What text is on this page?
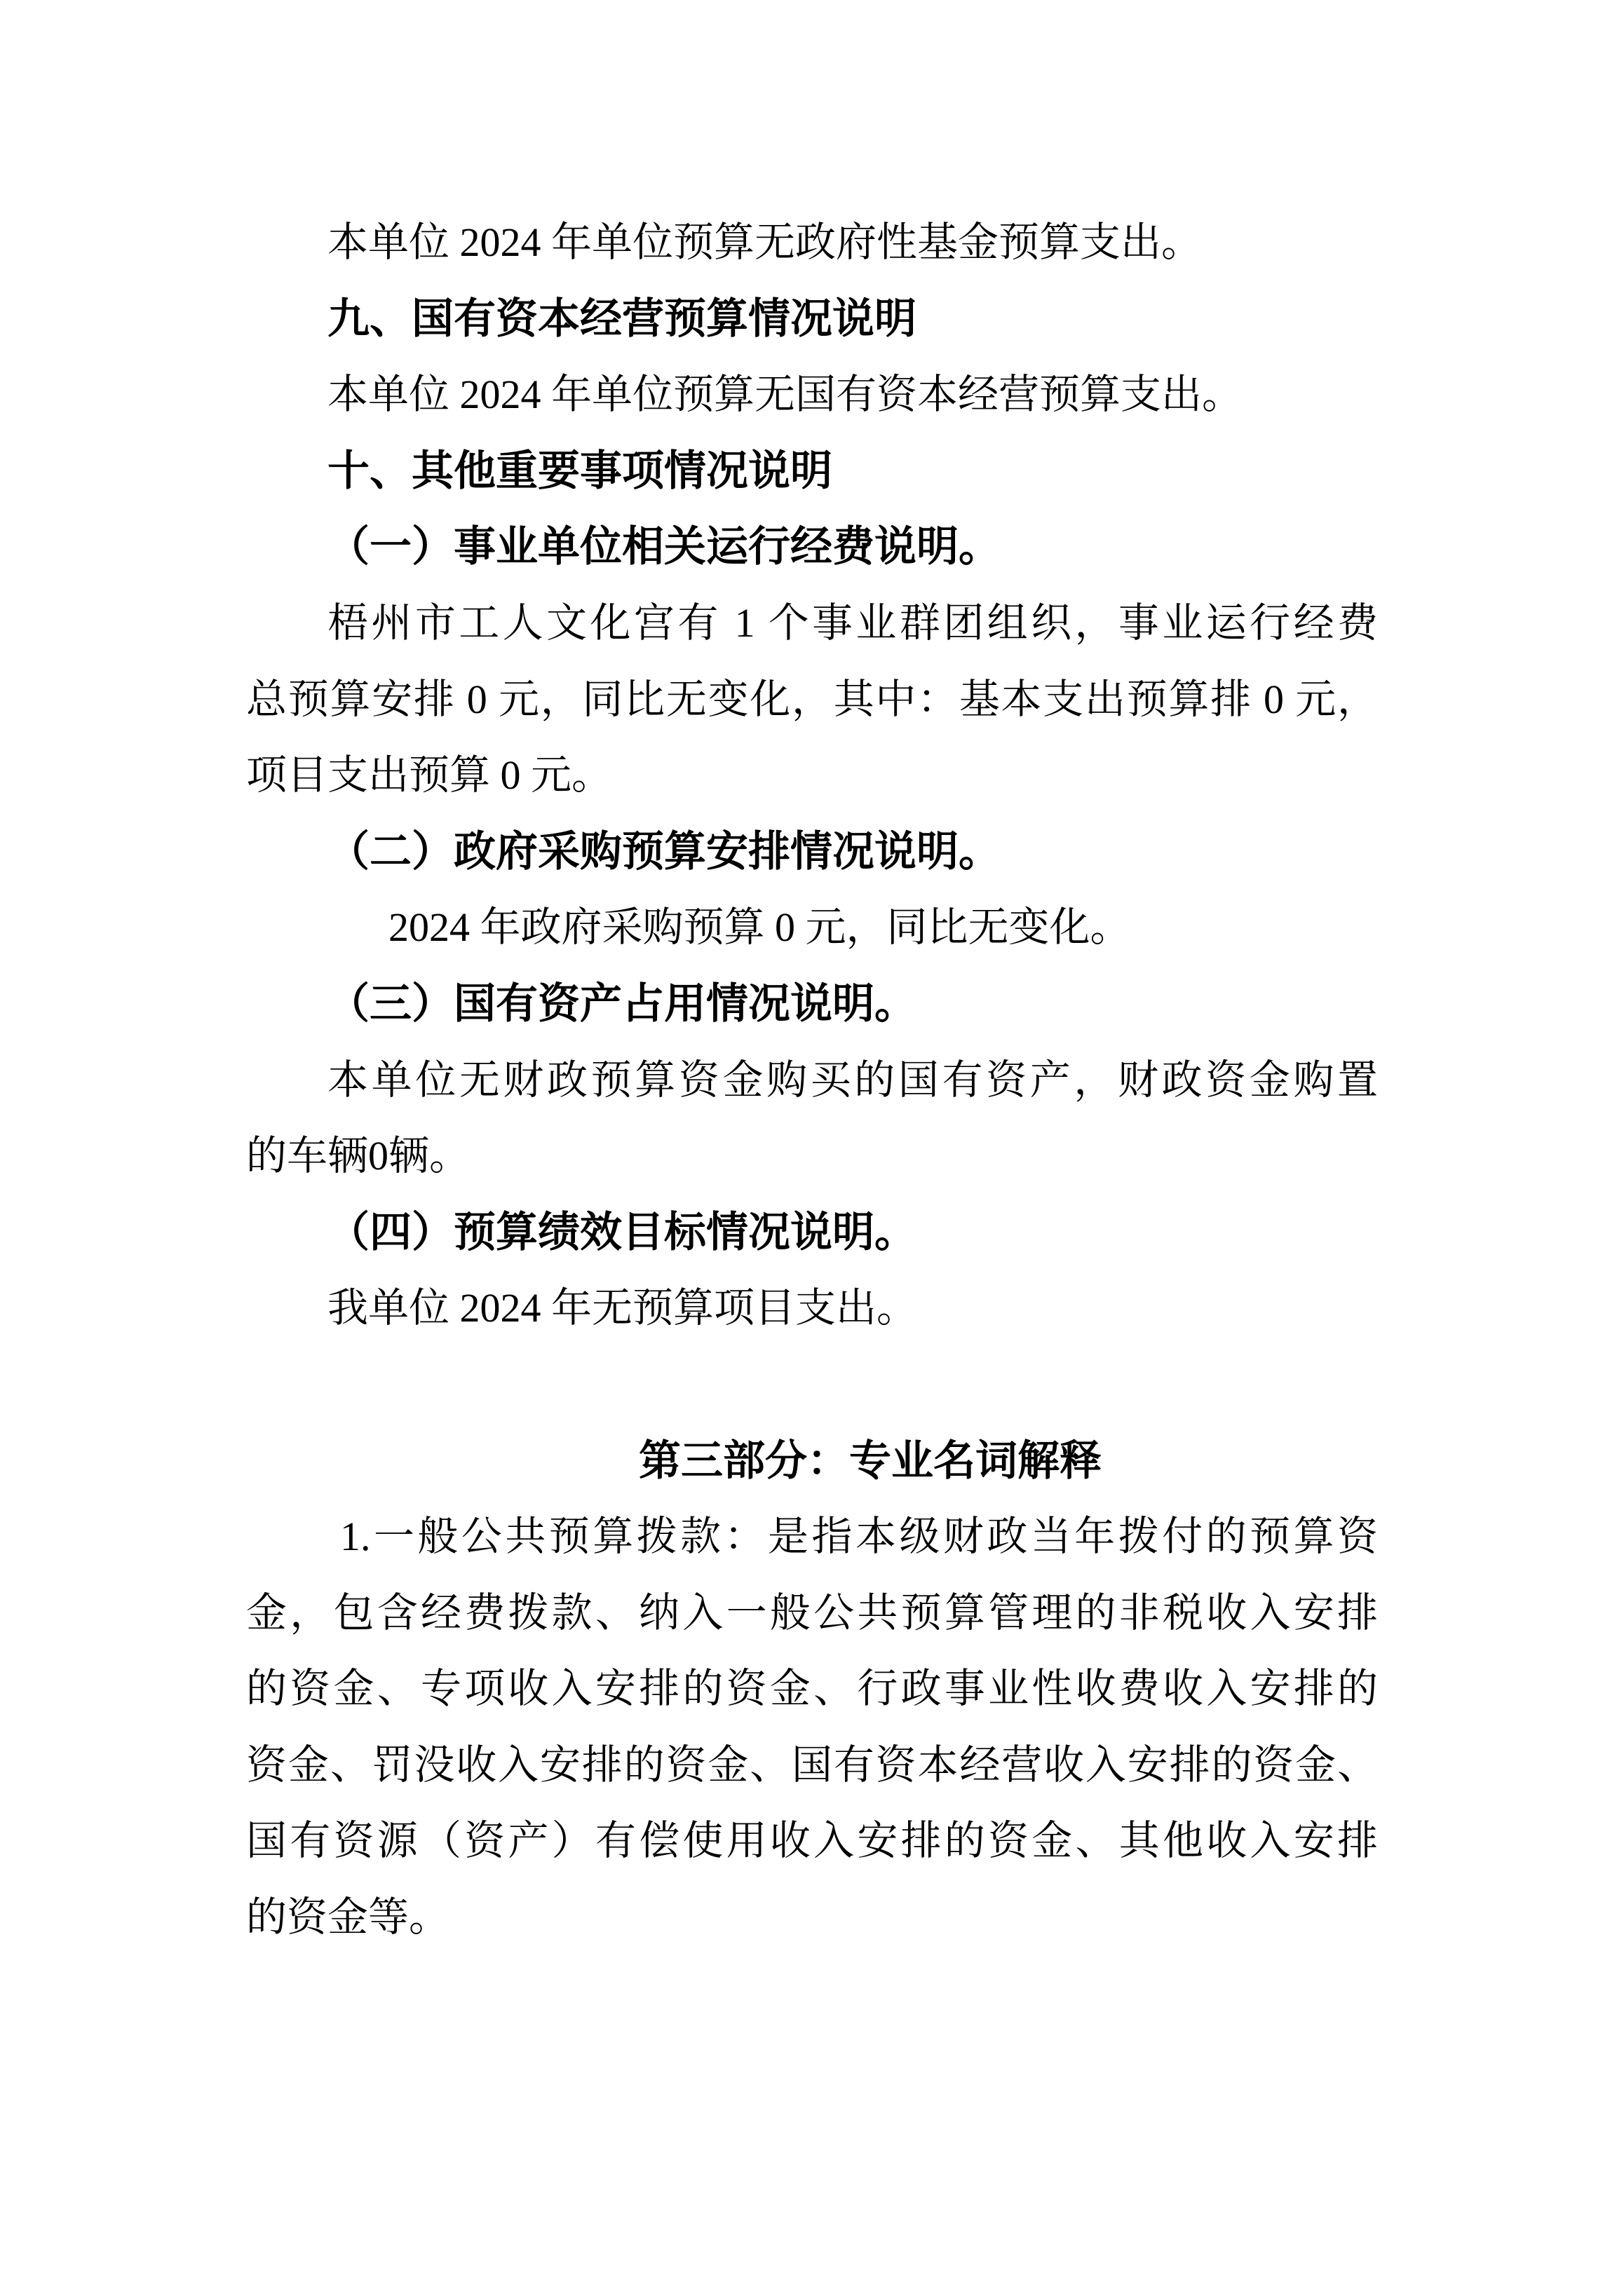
本单位 2024 年单位预算无政府性基金预算支出。
九、国有资本经营预算情况说明
本单位 2024 年单位预算无国有资本经营预算支出。
十、其他重要事项情况说明
（一）事业单位相关运行经费说明。
梧州市工人文化宫有 1 个事业群团组织，事业运行经费
总预算安排 0 元，同比无变化，其中：基本支出预算排 0 元，
项目支出预算 0 元。
（二）政府采购预算安排情况说明。
2024 年政府采购预算 0 元，同比无变化。
（三）国有资产占用情况说明。
本单位无财政预算资金购买的国有资产，财政资金购置
的车辆0辆。
（四）预算绩效目标情况说明。
我单位 2024 年无预算项目支出。
第三部分：专业名词解释
1.一般公共预算拨款：是指本级财政当年拨付的预算资
金，包含经费拨款、纳入一般公共预算管理的非税收入安排
的资金、专项收入安排的资金、行政事业性收费收入安排的
资金、罚没收入安排的资金、国有资本经营收入安排的资金、
国有资源（资产）有偿使用收入安排的资金、其他收入安排
的资金等。
